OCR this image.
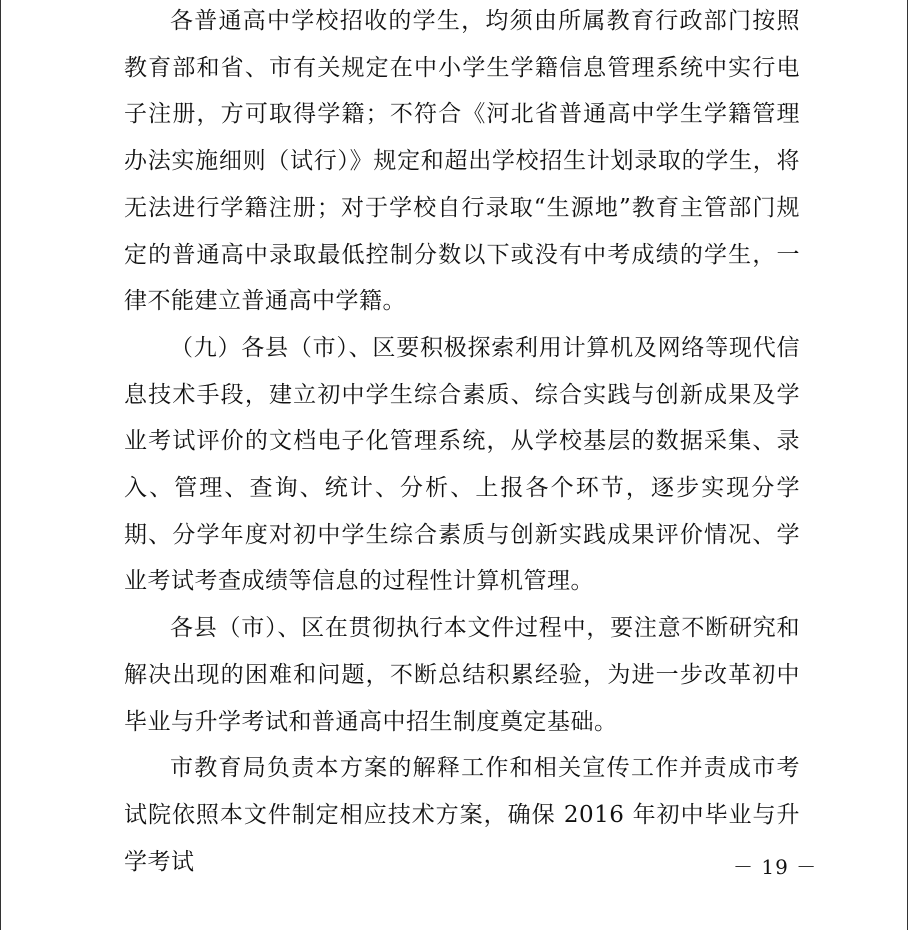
各普通高中学校招收的学生，均须由所属教育行政部门按照教育部和省、市有关规定在中小学生学籍信息管理系统中实行电子注册，方可取得学籍；不符合《河北省普通高中学生学籍管理办法实施细则（试行）》规定和超出学校招生计划录取的学生，将无法进行学籍注册；对于学校自行录取“生源地”教育主管部门规定的普通高中录取最低控制分数以下或没有中考成绩的学生，一律不能建立普通高中学籍。

（九）各县（市）、区要积极探索利用计算机及网络等现代信息技术手段，建立初中学生综合素质、综合实践与创新成果及学业考试评价的文档电子化管理系统，从学校基层的数据采集、录入、管理、查询、统计、分析、上报各个环节，逐步实现分学期、分学年度对初中学生综合素质与创新实践成果评价情况、学业考试考查成绩等信息的过程性计算机管理。

各县（市）、区在贯彻执行本文件过程中，要注意不断研究和解决出现的困难和问题，不断总结积累经验，为进一步改革初中毕业与升学考试和普通高中招生制度奠定基础。

市教育局负责本方案的解释工作和相关宣传工作并责成市考试院依照本文件制定相应技术方案，确保 2016 年初中毕业与升学考试	－ 19 －
